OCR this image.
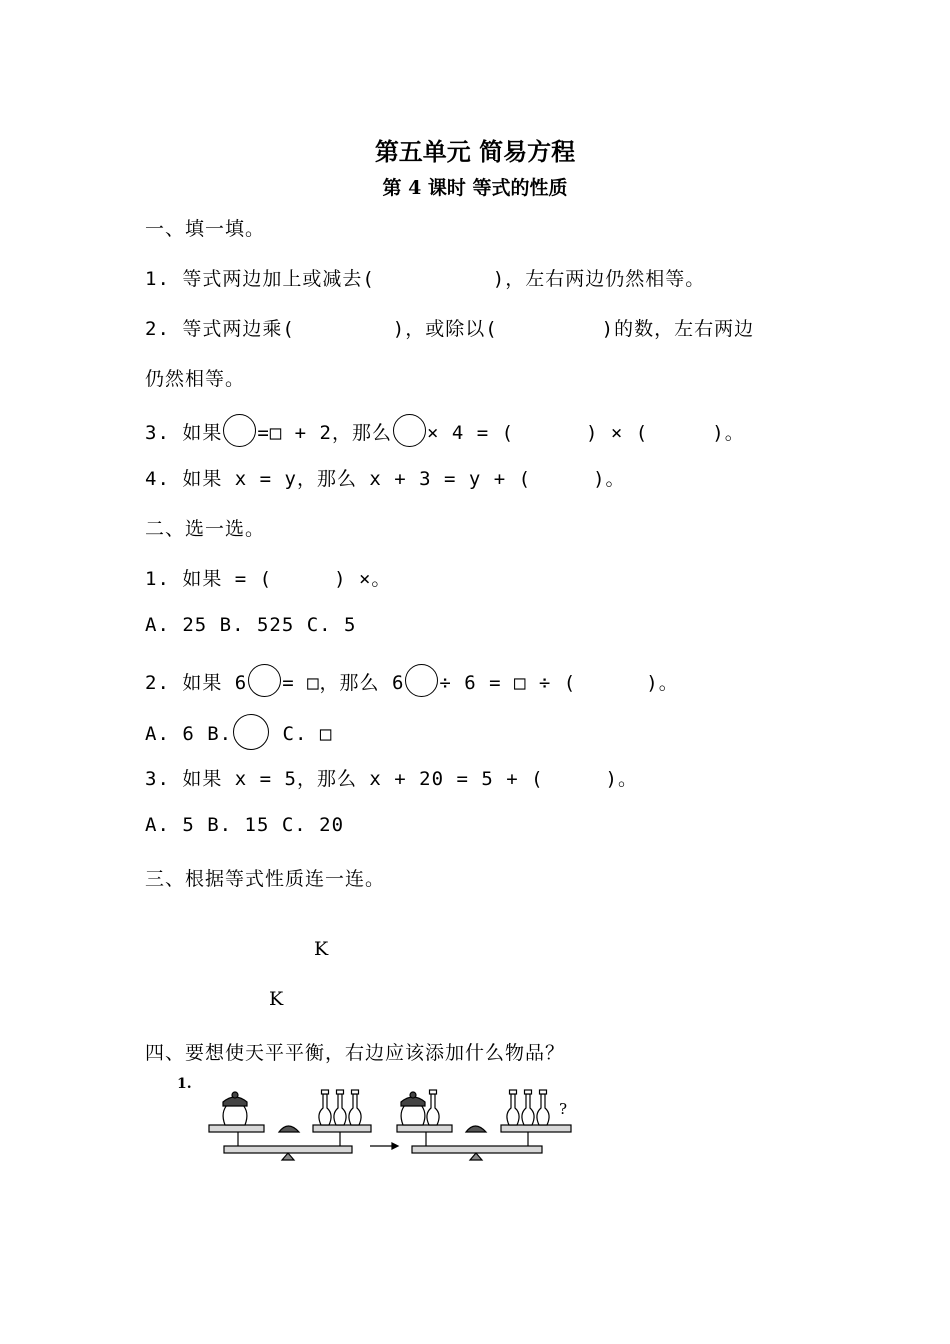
第五单元 简易方程
第 4 课时 等式的性质
一、填一填。
1. 等式两边加上或减去(	)，左右两边仍然相等。
2. 等式两边乘(	)，或除以(	)的数，左右两边
仍然相等。
3. 如果 =□ + 2，那么 × 4 = (	) × (	)。
4. 如果 x = y，那么 x + 3 = y + (	)。
二、选一选。
1. 如果 = (	) ×。
A. 25 B. 525 C. 5
2. 如果 6 = □，那么 6 ÷ 6 = □ ÷ (	)。
A. 6 B. C. □
3. 如果 x = 5，那么 x + 20 = 5 + (	)。
A. 5 B. 15 C. 20
三、根据等式性质连一连。
K
K
四、要想使天平平衡，右边应该添加什么物品？
1.
?
